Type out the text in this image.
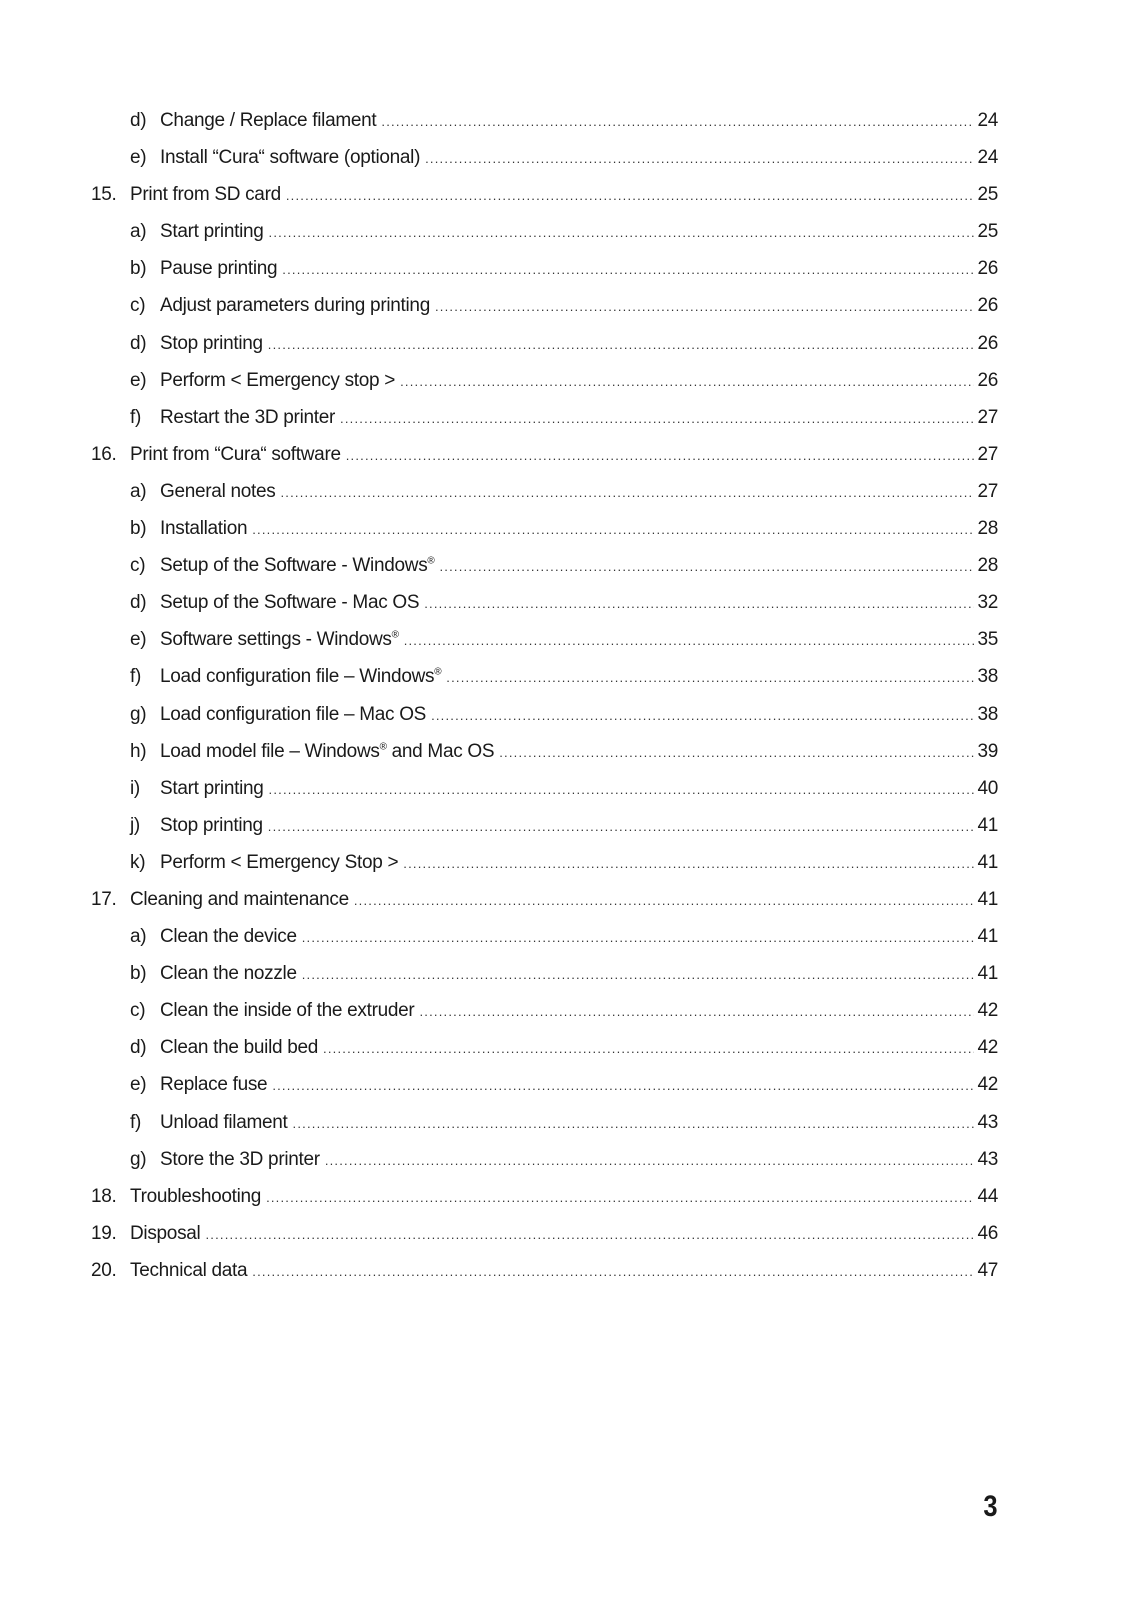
d) Change / Replace filament .....	24
e) Install “Cura“ software (optional) .....	24
15. Print from SD card .....	25
a) Start printing .....	25
b) Pause printing .....	26
c) Adjust parameters during printing .....	26
d) Stop printing .....	26
e) Perform < Emergency stop > .....	26
f) Restart the 3D printer .....	27
16. Print from “Cura“ software .....	27
a) General notes .....	27
b) Installation .....	28
c) Setup of the Software - Windows® .....	28
d) Setup of the Software - Mac OS .....	32
e) Software settings - Windows® .....	35
f) Load configuration file – Windows® .....	38
g) Load configuration file – Mac OS .....	38
h) Load model file – Windows® and Mac OS .....	39
i) Start printing .....	40
j) Stop printing .....	41
k) Perform < Emergency Stop > .....	41
17. Cleaning and maintenance .....	41
a) Clean the device .....	41
b) Clean the nozzle .....	41
c) Clean the inside of the extruder .....	42
d) Clean the build bed .....	42
e) Replace fuse .....	42
f) Unload filament .....	43
g) Store the 3D printer .....	43
18. Troubleshooting .....	44
19. Disposal .....	46
20. Technical data .....	47
3
